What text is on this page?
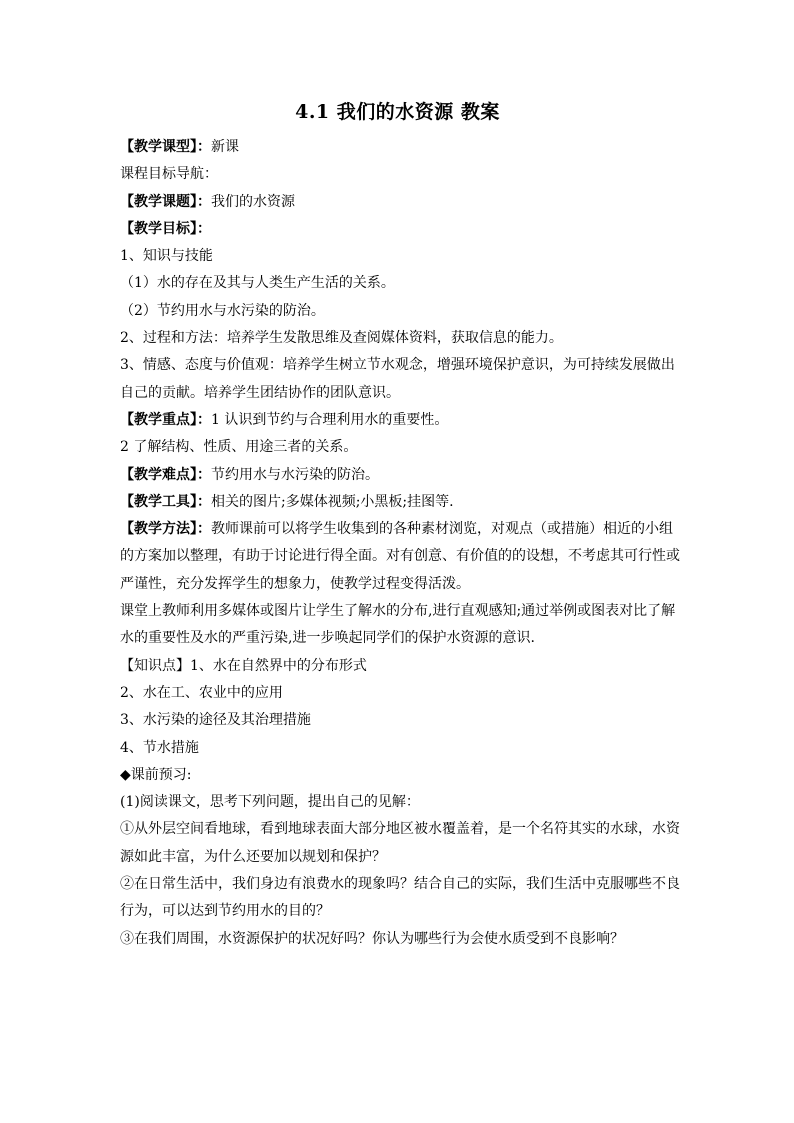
4.1 我们的水资源 教案
【教学课型】：新课
课程目标导航：
【教学课题】：我们的水资源
【教学目标】：
1、知识与技能
（1）水的存在及其与人类生产生活的关系。
（2）节约用水与水污染的防治。
2、过程和方法：培养学生发散思维及查阅媒体资料，获取信息的能力。
3、情感、态度与价值观：培养学生树立节水观念，增强环境保护意识，为可持续发展做出
自己的贡献。培养学生团结协作的团队意识。
【教学重点】：1 认识到节约与合理利用水的重要性。
2 了解结构、性质、用途三者的关系。
【教学难点】：节约用水与水污染的防治。
【教学工具】：相关的图片;多媒体视频;小黑板;挂图等.
【教学方法】：教师课前可以将学生收集到的各种素材浏览，对观点（或措施）相近的小组
的方案加以整理，有助于讨论进行得全面。对有创意、有价值的的设想，不考虑其可行性或
严谨性，充分发挥学生的想象力，使教学过程变得活泼。
课堂上教师利用多媒体或图片让学生了解水的分布,进行直观感知;通过举例或图表对比了解
水的重要性及水的严重污染,进一步唤起同学们的保护水资源的意识.
【知识点】1、水在自然界中的分布形式
2、水在工、农业中的应用
3、水污染的途径及其治理措施
4、节水措施
◆课前预习:
(1)阅读课文，思考下列问题，提出自己的见解：
①从外层空间看地球，看到地球表面大部分地区被水覆盖着，是一个名符其实的水球，水资
源如此丰富，为什么还要加以规划和保护？
②在日常生活中，我们身边有浪费水的现象吗？结合自己的实际，我们生活中克服哪些不良
行为，可以达到节约用水的目的？
③在我们周围，水资源保护的状况好吗？你认为哪些行为会使水质受到不良影响？
